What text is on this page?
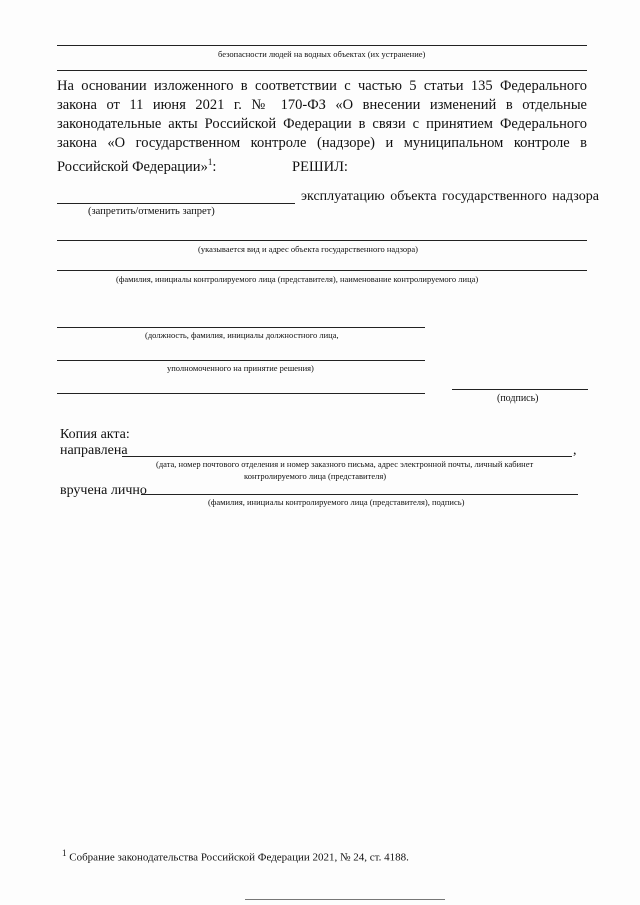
безопасности людей на водных объектах (их устранение)
На основании изложенного в соответствии с частью 5 статьи 135 Федерального закона от 11 июня 2021 г. № 170-ФЗ «О внесении изменений в отдельные законодательные акты Российской Федерации в связи с принятием Федерального закона «О государственном контроле (надзоре) и муниципальном контроле в Российской Федерации»$^1$:	РЕШИЛ:
эксплуатацию объекта государственного надзора
(запретить/отменить запрет)
(указывается вид и адрес объекта государственного надзора)
(фамилия, инициалы контролируемого лица (представителя), наименование контролируемого лица)
(должность, фамилия, инициалы должностного лица,
уполномоченного на принятие решения)
(подпись)
Копия акта:
направлена	,
(дата, номер почтового отделения и номер заказного письма, адрес электронной почты, личный кабинет
контролируемого лица (представителя)
вручена лично
(фамилия, инициалы контролируемого лица (представителя), подпись)
$^1$ Собрание законодательства Российской Федерации 2021, № 24, ст. 4188.
